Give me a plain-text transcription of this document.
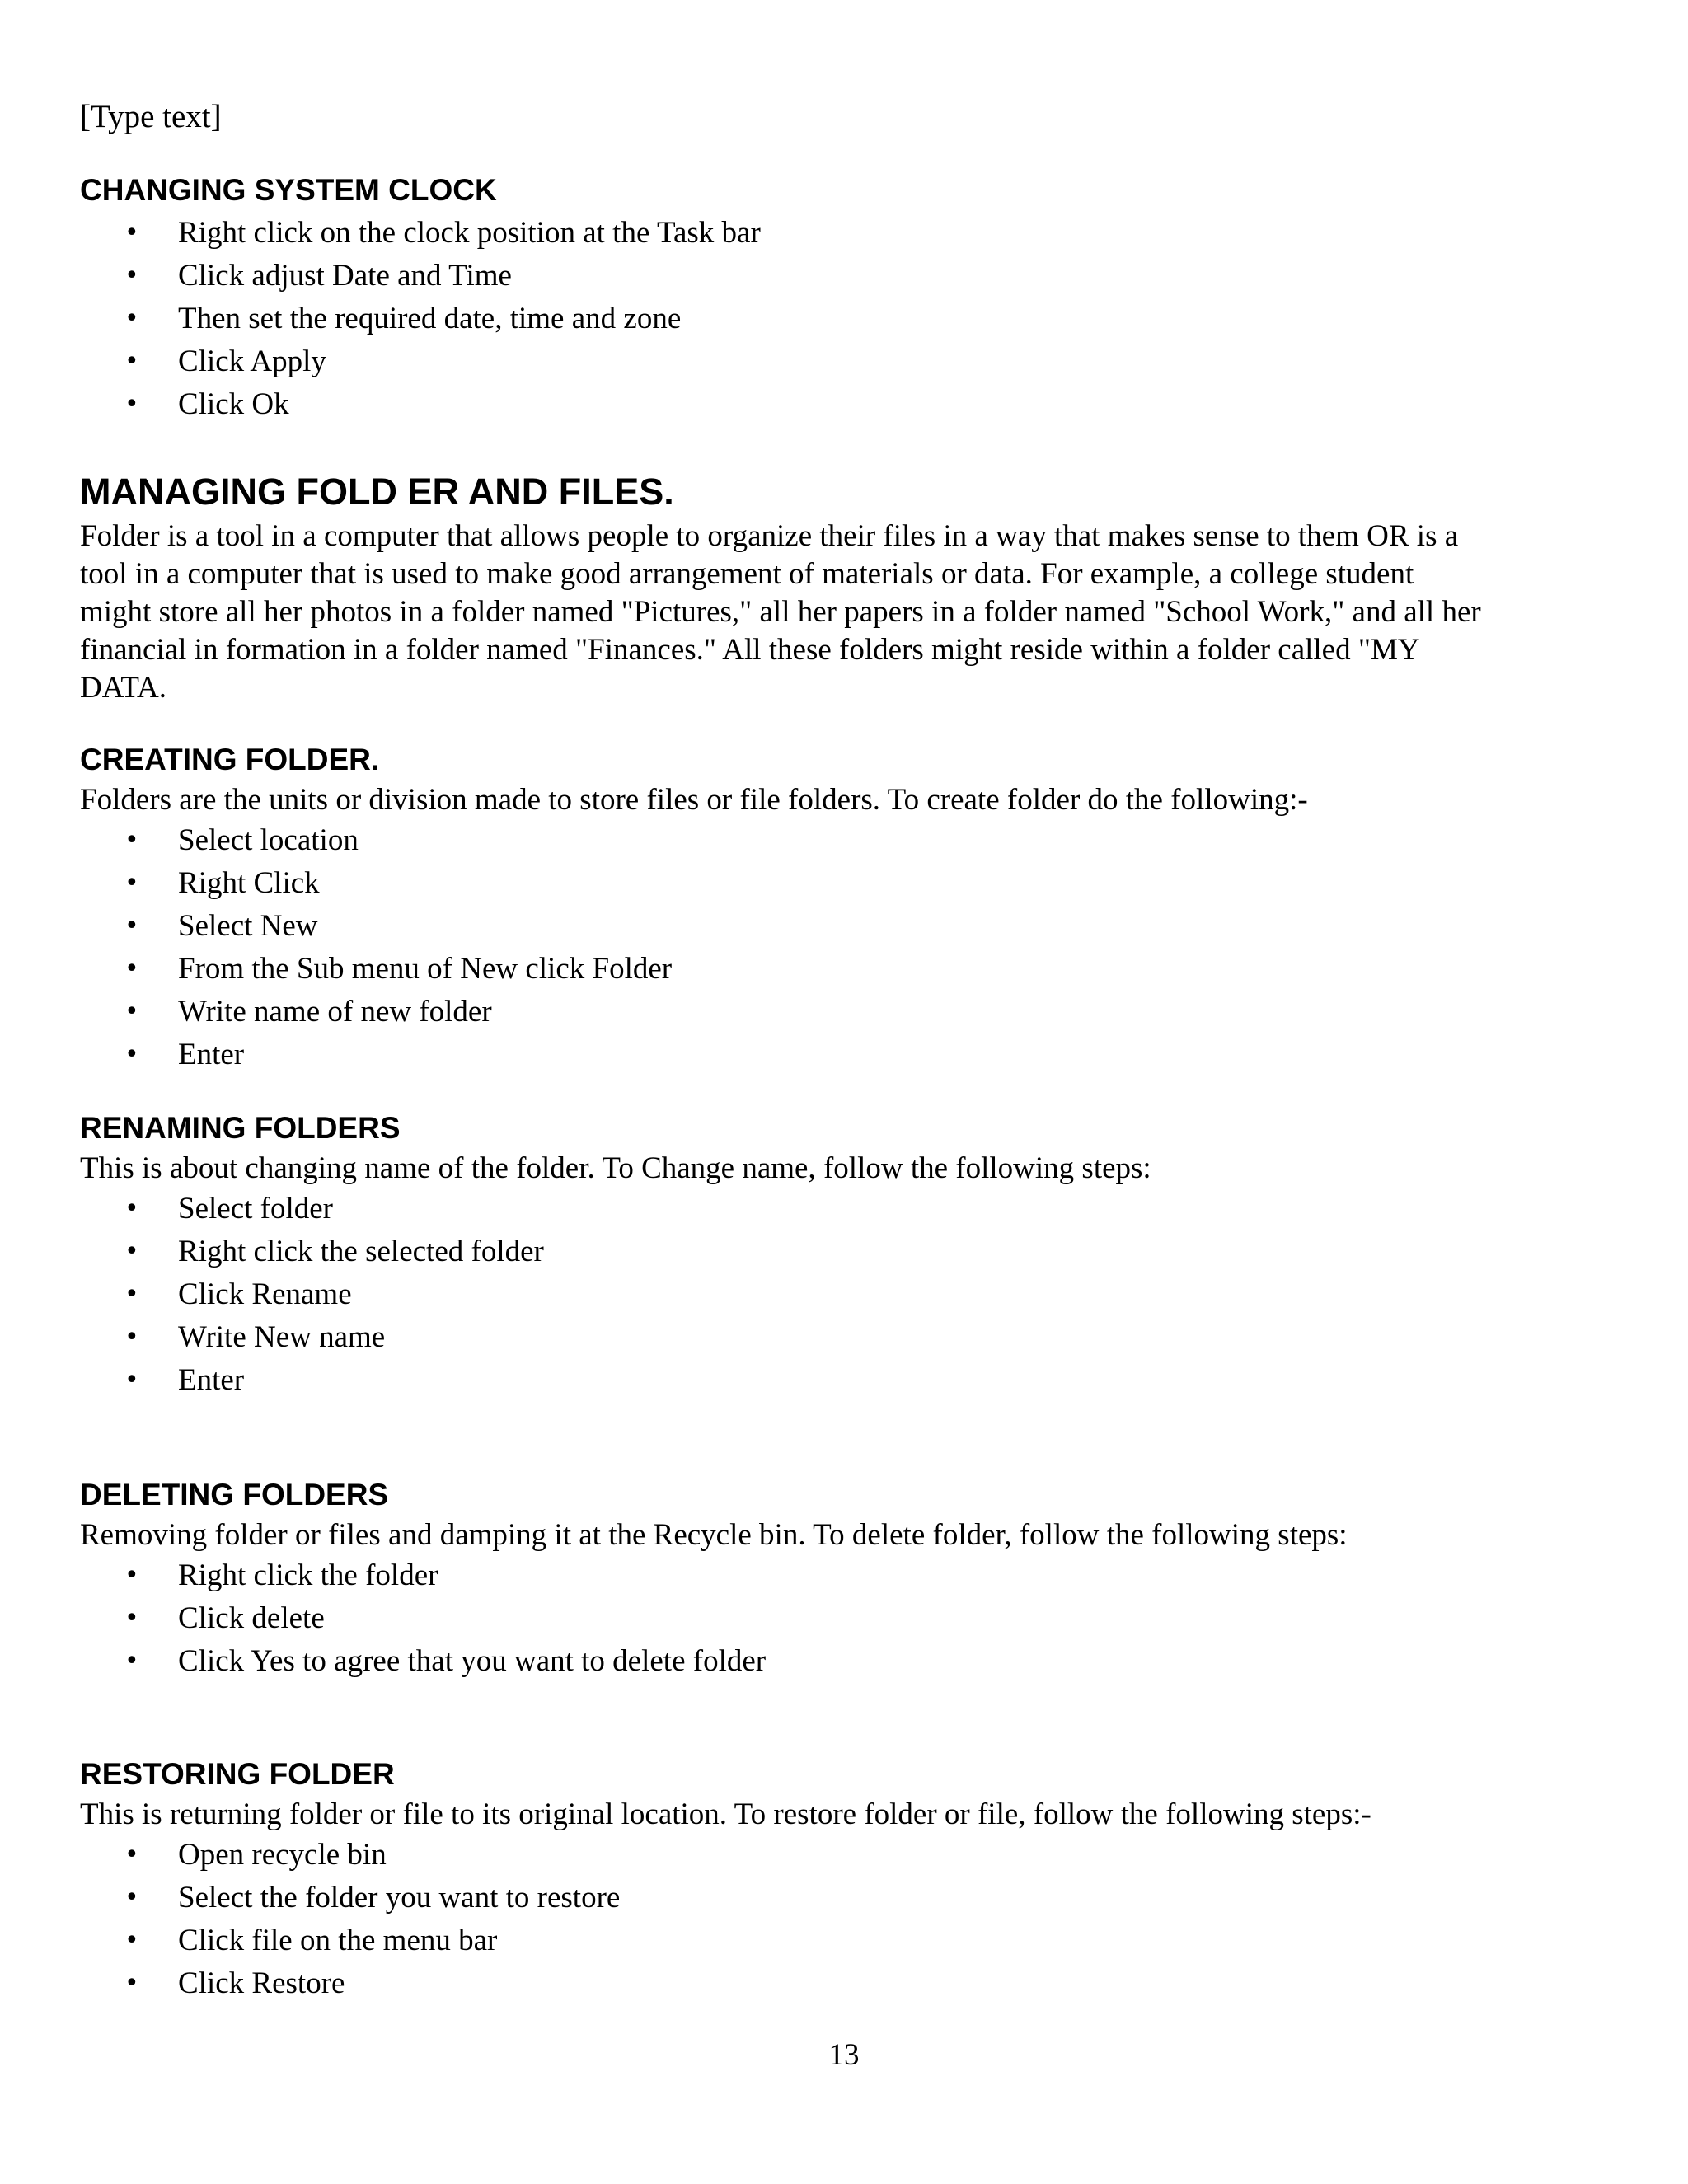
[Type text]

CHANGING SYSTEM CLOCK
• Right click on the clock position at the Task bar
• Click adjust Date and Time
• Then set the required date, time and zone
• Click Apply
• Click Ok
MANAGING FOLD ER AND FILES.

Folder is a tool in a computer that allows people to organize their files in a way that makes sense to them OR is a

tool in a computer that is used to make good arrangement of materials or data. For example, a college student

might store all her photos in a folder named "Pictures," all her papers in a folder named "School Work," and all her

financial in formation in a folder named "Finances." All these folders might reside within a folder called "MY

DATA.

CREATING FOLDER.

Folders are the units or division made to store files or file folders. To create folder do the following:-

• Select location
• Right Click
• Select New
• From the Sub menu of New click Folder
• Write name of new folder
• Enter
RENAMING FOLDERS

This is about changing name of the folder. To Change name, follow the following steps:

• Select folder
• Right click the selected folder
• Click Rename
• Write New name
• Enter
DELETING FOLDERS

Removing folder or files and damping it at the Recycle bin. To delete folder, follow the following steps:

• Right click the folder
• Click delete
• Click Yes to agree that you want to delete folder
RESTORING FOLDER

This is returning folder or file to its original location. To restore folder or file, follow the following steps:-

• Open recycle bin
• Select the folder you want to restore
• Click file on the menu bar
• Click Restore
13
